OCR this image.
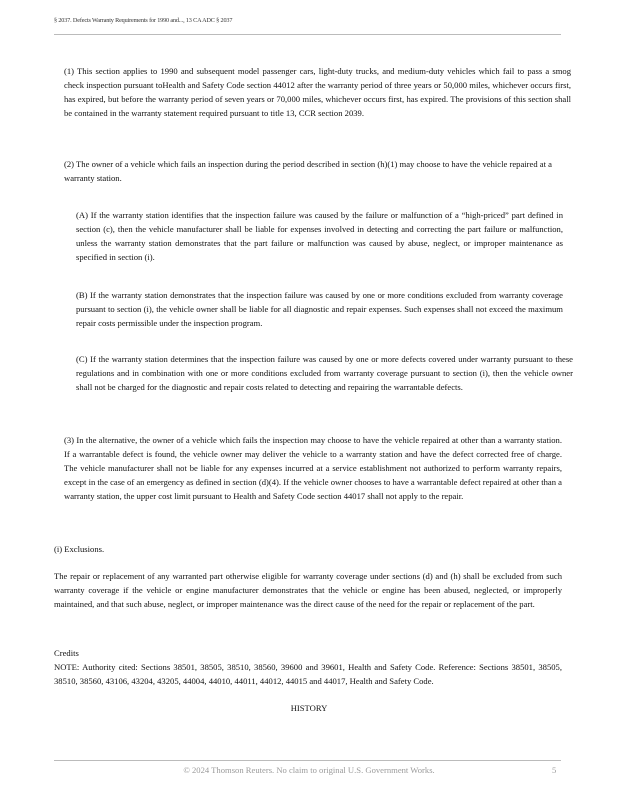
§ 2037. Defects Warranty Requirements for 1990 and..., 13 CA ADC § 2037

(1) This section applies to 1990 and subsequent model passenger cars, light-duty trucks, and medium-duty vehicles which fail to pass a smog check inspection pursuant toHealth and Safety Code section 44012 after the warranty period of three years or 50,000 miles, whichever occurs first, has expired, but before the warranty period of seven years or 70,000 miles, whichever occurs first, has expired. The provisions of this section shall be contained in the warranty statement required pursuant to title 13, CCR section 2039.

(2) The owner of a vehicle which fails an inspection during the period described in section (h)(1) may choose to have the vehicle repaired at a warranty station.

(A) If the warranty station identifies that the inspection failure was caused by the failure or malfunction of a “high-priced” part defined in section (c), then the vehicle manufacturer shall be liable for expenses involved in detecting and correcting the part failure or malfunction, unless the warranty station demonstrates that the part failure or malfunction was caused by abuse, neglect, or improper maintenance as specified in section (i).

(B) If the warranty station demonstrates that the inspection failure was caused by one or more conditions excluded from warranty coverage pursuant to section (i), the vehicle owner shall be liable for all diagnostic and repair expenses. Such expenses shall not exceed the maximum repair costs permissible under the inspection program.

(C) If the warranty station determines that the inspection failure was caused by one or more defects covered under warranty pursuant to these regulations and in combination with one or more conditions excluded from warranty coverage pursuant to section (i), then the vehicle owner shall not be charged for the diagnostic and repair costs related to detecting and repairing the warrantable defects.

(3) In the alternative, the owner of a vehicle which fails the inspection may choose to have the vehicle repaired at other than a warranty station. If a warrantable defect is found, the vehicle owner may deliver the vehicle to a warranty station and have the defect corrected free of charge. The vehicle manufacturer shall not be liable for any expenses incurred at a service establishment not authorized to perform warranty repairs, except in the case of an emergency as defined in section (d)(4). If the vehicle owner chooses to have a warrantable defect repaired at other than a warranty station, the upper cost limit pursuant to Health and Safety Code section 44017 shall not apply to the repair.

(i) Exclusions.

The repair or replacement of any warranted part otherwise eligible for warranty coverage under sections (d) and (h) shall be excluded from such warranty coverage if the vehicle or engine manufacturer demonstrates that the vehicle or engine has been abused, neglected, or improperly maintained, and that such abuse, neglect, or improper maintenance was the direct cause of the need for the repair or replacement of the part.

Credits

NOTE: Authority cited: Sections 38501, 38505, 38510, 38560, 39600 and 39601, Health and Safety Code. Reference: Sections 38501, 38505, 38510, 38560, 43106, 43204, 43205, 44004, 44010, 44011, 44012, 44015 and 44017, Health and Safety Code.

HISTORY
© 2024 Thomson Reuters. No claim to original U.S. Government Works.	5
